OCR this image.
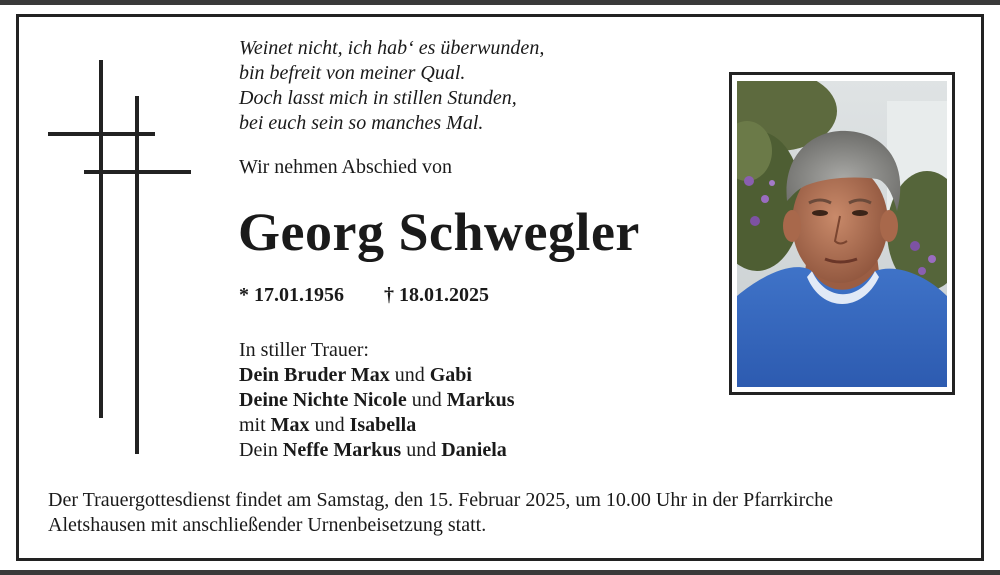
Weinet nicht, ich hab‘ es überwunden,
bin befreit von meiner Qual.
Doch lasst mich in stillen Stunden,
bei euch sein so manches Mal.
Wir nehmen Abschied von
Georg Schwegler
* 17.01.1956 † 18.01.2025
In stiller Trauer:
Dein Bruder Max und Gabi
Deine Nichte Nicole und Markus
mit Max und Isabella
Dein Neffe Markus und Daniela
Der Trauergottesdienst findet am Samstag, den 15. Februar 2025, um 10.00 Uhr in der Pfarrkirche
Aletshausen mit anschließender Urnenbeisetzung statt.
